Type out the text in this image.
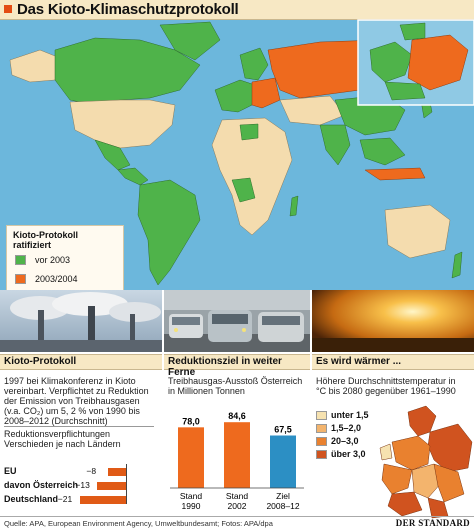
Das Kioto-Klimaschutzprotokoll
Kioto-Protokoll ratifiziert
vor 2003
2003/2004
Kioto-Protokoll
1997 bei Klimakonferenz in Kioto vereinbart. Verpflichtet zu Reduktion der Emission von Treibhausgasen (v.a. CO₂) um 5, 2 % von 1990 bis 2008–2012 (Durchschnitt)
Reduktionsverpflichtungen
Verschieden je nach Ländern
EU	−8
davon Österreich
−13
Deutschland −21
Reduktionsziel in weiter Ferne
Treibhausgas-Ausstoß Österreich in Millionen Tonnen
78,0
Stand
1990
84,6
Stand
2002
67,5
Ziel
2008–12
Es wird wärmer ...
Höhere Durchschnittstemperatur in °C bis 2080 gegenüber 1961–1990
unter 1,5
1,5–2,0
20–3,0
über 3,0
Quelle: APA, European Environment Agency, Umweltbundesamt; Fotos: APA/dpa	DER STANDARD
